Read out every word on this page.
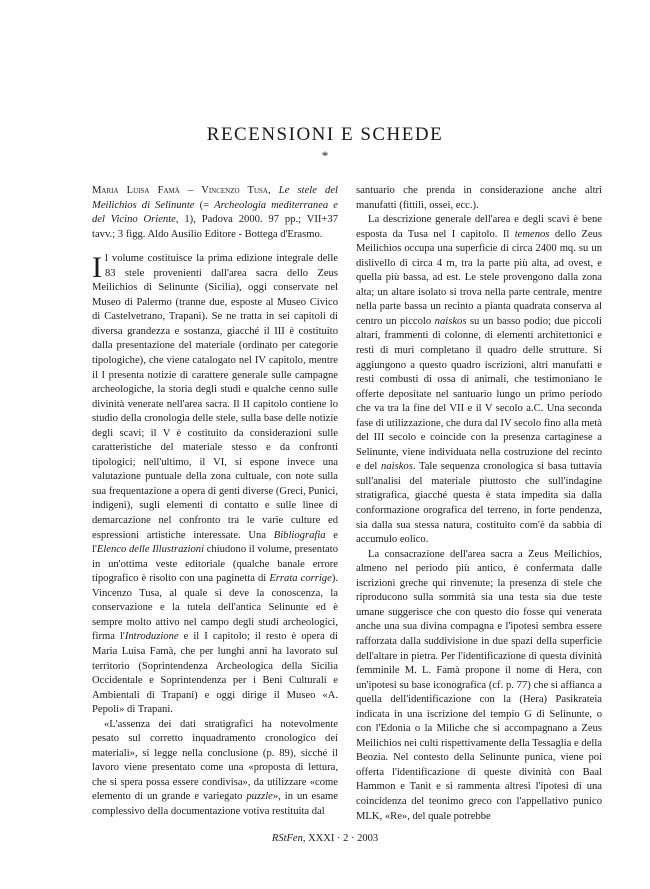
RECENSIONI E SCHEDE
*

Maria Luisa Famà – Vincenzo Tusa, Le stele del Meilichios di Selinunte (= Archeologia mediterranea e del Vicino Oriente, 1), Padova 2000. 97 pp.; VII+37 tavv.; 3 figg. Aldo Ausilio Editore - Bottega d'Erasmo.

Il volume costituisce la prima edizione integrale delle 83 stele provenienti dall'area sacra dello Zeus Meilichios di Selinunte (Sicilia), oggi conservate nel Museo di Palermo (tranne due, esposte al Museo Civico di Castelvetrano, Trapani). Se ne tratta in sei capitoli di diversa grandezza e sostanza, giacché il III è costituito dalla presentazione del materiale (ordinato per categorie tipologiche), che viene catalogato nel IV capitolo, mentre il I presenta notizie di carattere generale sulle campagne archeologiche, la storia degli studi e qualche cenno sulle divinità venerate nell'area sacra. Il II capitolo contiene lo studio della cronologia delle stele, sulla base delle notizie degli scavi; il V è costituito da considerazioni sulle caratteristiche del materiale stesso e da confronti tipologici; nell'ultimo, il VI, si espone invece una valutazione puntuale della zona cultuale, con note sulla sua frequentazione a opera di genti diverse (Greci, Punici, indigeni), sugli elementi di contatto e sulle linee di demarcazione nel confronto tra le varie culture ed espressioni artistiche interessate. Una Bibliografia e l'Elenco delle Illustrazioni chiudono il volume, presentato in un'ottima veste editoriale (qualche banale errore tipografico è risolto con una paginetta di Errata corrige). Vincenzo Tusa, al quale si deve la conoscenza, la conservazione e la tutela dell'antica Selinunte ed è sempre molto attivo nel campo degli studi archeologici, firma l'Introduzione e il I capitolo; il resto è opera di Maria Luisa Famà, che per lunghi anni ha lavorato sul territorio (Soprintendenza Archeologica della Sicilia Occidentale e Soprintendenza per i Beni Culturali e Ambientali di Trapani) e oggi dirige il Museo «A. Pepoli» di Trapani.

«L'assenza dei dati stratigrafici ha notevolmente pesato sul corretto inquadramento cronologico dei materiali», si legge nella conclusione (p. 89), sicché il lavoro viene presentato come una «proposta di lettura, che si spera possa essere condivisa», da utilizzare «come elemento di un grande e variegato puzzle», in un esame complessivo della documentazione votiva restituita dal

santuario che prenda in considerazione anche altri manufatti (fittili, ossei, ecc.).

La descrizione generale dell'area e degli scavi è bene esposta da Tusa nel I capitolo. Il temenos dello Zeus Meilichios occupa una superficie di circa 2400 mq. su un dislivello di circa 4 m, tra la parte più alta, ad ovest, e quella più bassa, ad est. Le stele provengono dalla zona alta; un altare isolato si trova nella parte centrale, mentre nella parte bassa un recinto a pianta quadrata conserva al centro un piccolo naiskos su un basso podio; due piccoli altari, frammenti di colonne, di elementi architettonici e resti di muri completano il quadro delle strutture. Si aggiungono a questo quadro iscrizioni, altri manufatti e resti combusti di ossa di animali, che testimoniano le offerte depositate nel santuario lungo un primo periodo che va tra la fine del VII e il V secolo a.C. Una seconda fase di utilizzazione, che dura dal IV secolo fino alla metà del III secolo e coincide con la presenza cartaginese a Selinunte, viene individuata nella costruzione del recinto e del naiskos. Tale sequenza cronologica si basa tuttavia sull'analisi del materiale piuttosto che sull'indagine stratigrafica, giacché questa è stata impedita sia dalla conformazione orografica del terreno, in forte pendenza, sia dalla sua stessa natura, costituito com'è da sabbia di accumulo eolico.

La consacrazione dell'area sacra a Zeus Meilichios, almeno nel periodo più antico, è confermata dalle iscrizioni greche qui rinvenute; la presenza di stele che riproducono sulla sommità sia una testa sia due teste umane suggerisce che con questo dio fosse qui venerata anche una sua divina compagna e l'ipotesi sembra essere rafforzata dalla suddivisione in due spazi della superficie dell'altare in pietra. Per l'identificazione di questa divinità femminile M. L. Famà propone il nome di Hera, con un'ipotesi su base iconografica (cf. p. 77) che si affianca a quella dell'identificazione con la (Hera) Pasikrateia indicata in una iscrizione del tempio G di Selinunte, o con l'Edonia o la Miliche che si accompagnano a Zeus Meilichios nei culti rispettivamente della Tessaglia e della Beozia. Nel contesto della Selinunte punica, viene poi offerta l'identificazione di queste divinità con Baal Hammon e Tanit e si rammenta altresì l'ipotesi di una coincidenza del teonimo greco con l'appellativo punico MLK, «Re», del quale potrebbe

RStFen, XXXI · 2 · 2003
